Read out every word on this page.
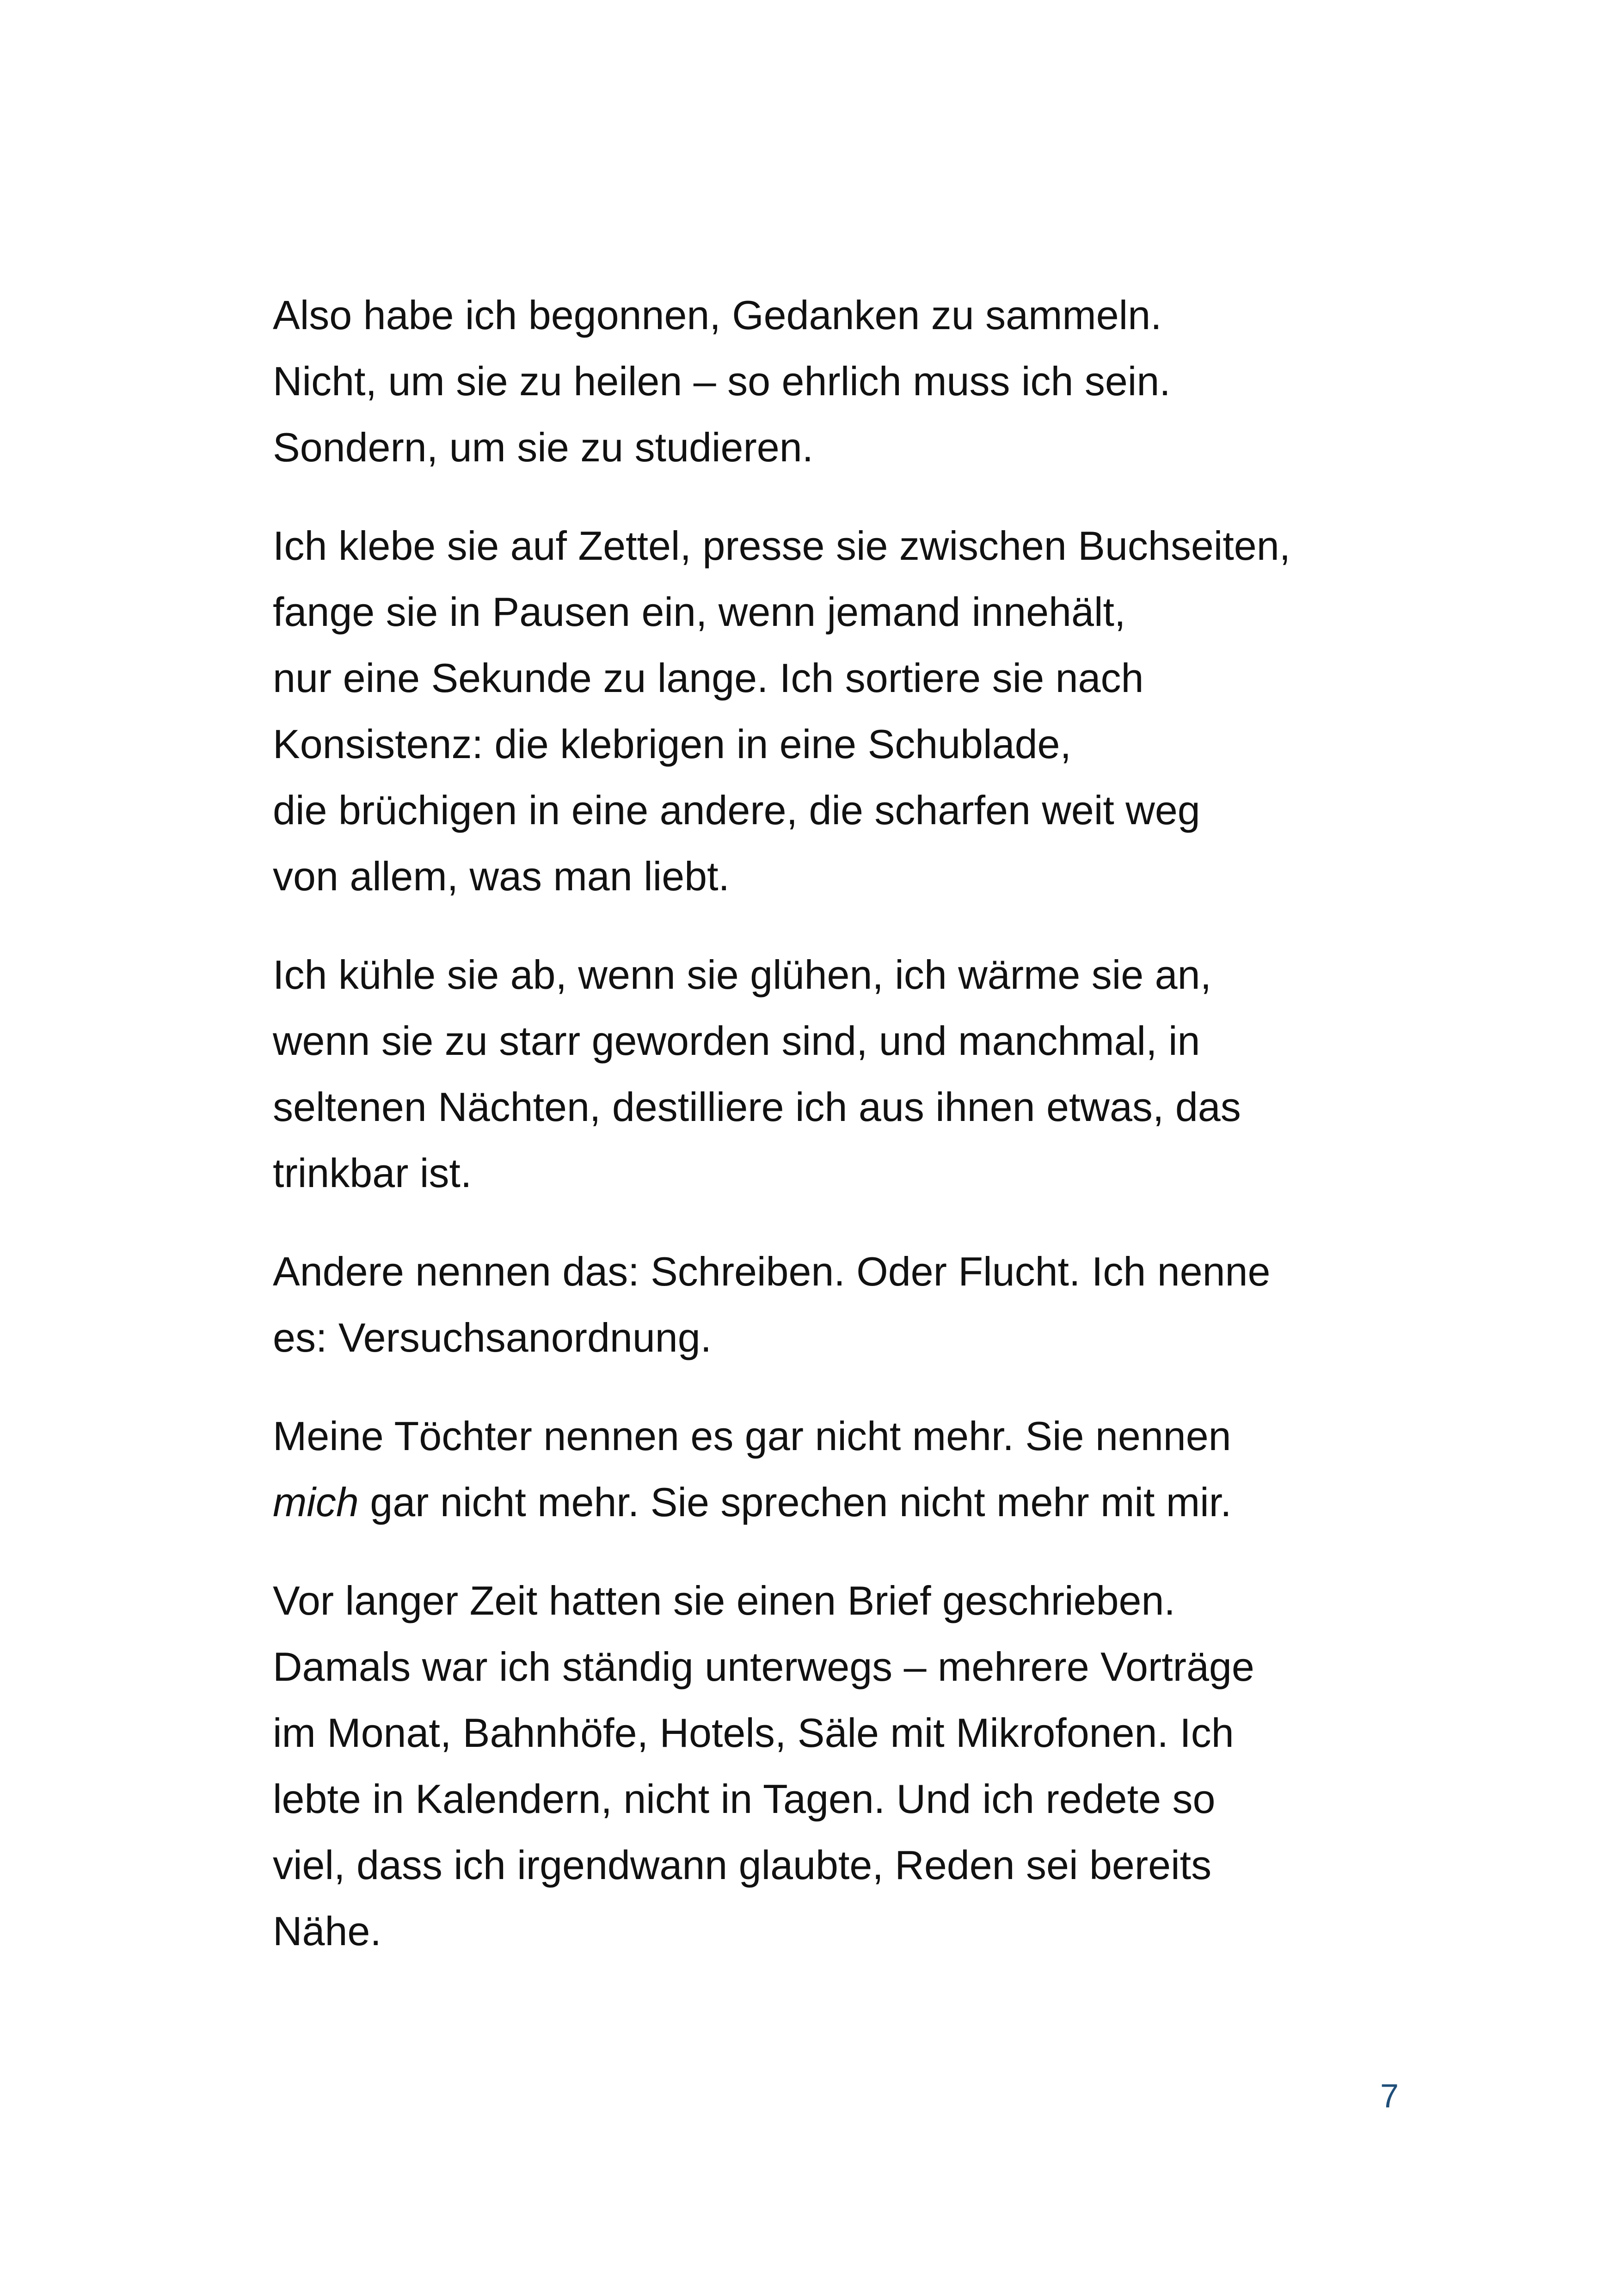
Also habe ich begonnen, Gedanken zu sammeln.
Nicht, um sie zu heilen – so ehrlich muss ich sein.
Sondern, um sie zu studieren.

Ich klebe sie auf Zettel, presse sie zwischen Buchseiten,
fange sie in Pausen ein, wenn jemand innehält,
nur eine Sekunde zu lange. Ich sortiere sie nach
Konsistenz: die klebrigen in eine Schublade,
die brüchigen in eine andere, die scharfen weit weg
von allem, was man liebt.

Ich kühle sie ab, wenn sie glühen, ich wärme sie an,
wenn sie zu starr geworden sind, und manchmal, in
seltenen Nächten, destilliere ich aus ihnen etwas, das
trinkbar ist.

Andere nennen das: Schreiben. Oder Flucht. Ich nenne
es: Versuchsanordnung.

Meine Töchter nennen es gar nicht mehr. Sie nennen
mich gar nicht mehr. Sie sprechen nicht mehr mit mir.

Vor langer Zeit hatten sie einen Brief geschrieben.
Damals war ich ständig unterwegs – mehrere Vorträge
im Monat, Bahnhöfe, Hotels, Säle mit Mikrofonen. Ich
lebte in Kalendern, nicht in Tagen. Und ich redete so
viel, dass ich irgendwann glaubte, Reden sei bereits
Nähe.

7
